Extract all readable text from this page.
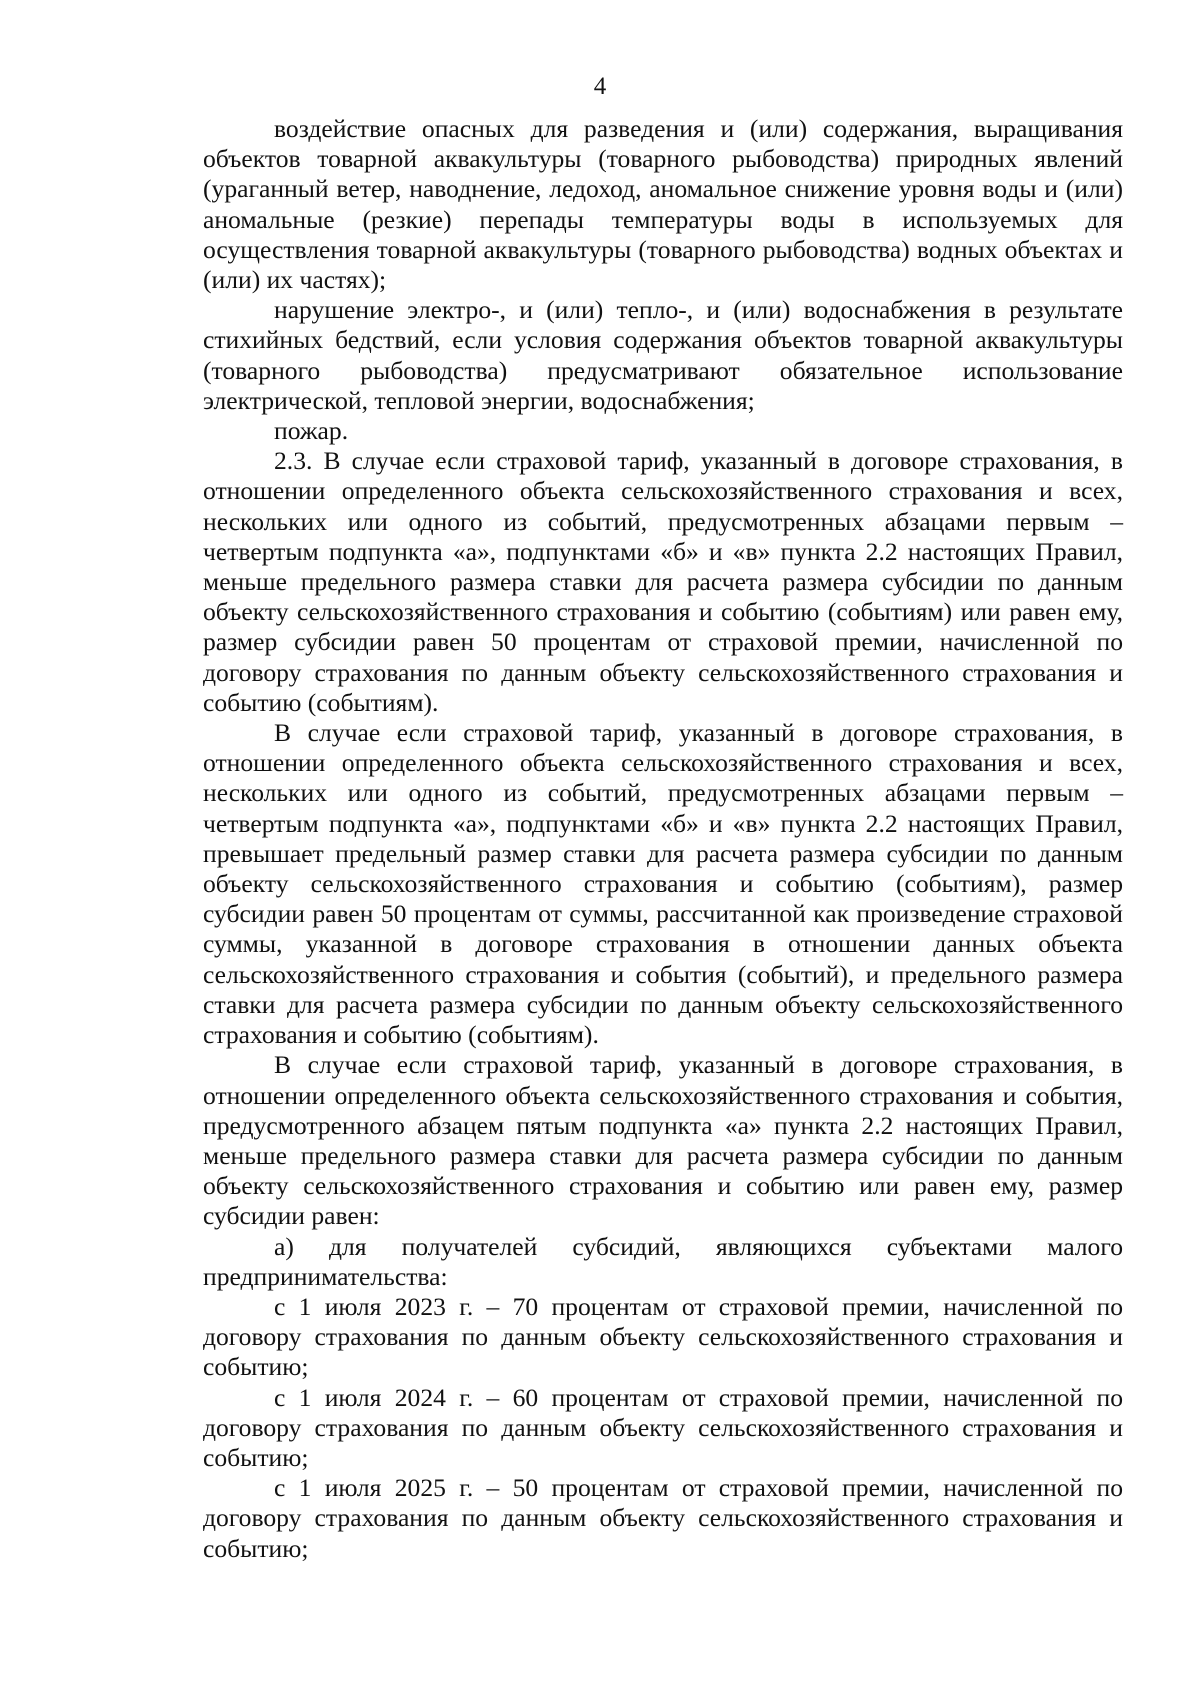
4

воздействие опасных для разведения и (или) содержания, выращивания объектов товарной аквакультуры (товарного рыбоводства) природных явлений (ураганный ветер, наводнение, ледоход, аномальное снижение уровня воды и (или) аномальные (резкие) перепады температуры воды в используемых для осуществления товарной аквакультуры (товарного рыбоводства) водных объектах и (или) их частях);

нарушение электро-, и (или) тепло-, и (или) водоснабжения в результате стихийных бедствий, если условия содержания объектов товарной аквакультуры (товарного рыбоводства) предусматривают обязательное использование электрической, тепловой энергии, водоснабжения;

пожар.

2.3. В случае если страховой тариф, указанный в договоре страхования, в отношении определенного объекта сельскохозяйственного страхования и всех, нескольких или одного из событий, предусмотренных абзацами первым – четвертым подпункта «а», подпунктами «б» и «в» пункта 2.2 настоящих Правил, меньше предельного размера ставки для расчета размера субсидии по данным объекту сельскохозяйственного страхования и событию (событиям) или равен ему, размер субсидии равен 50 процентам от страховой премии, начисленной по договору страхования по данным объекту сельскохозяйственного страхования и событию (событиям).

В случае если страховой тариф, указанный в договоре страхования, в отношении определенного объекта сельскохозяйственного страхования и всех, нескольких или одного из событий, предусмотренных абзацами первым – четвертым подпункта «а», подпунктами «б» и «в» пункта 2.2 настоящих Правил, превышает предельный размер ставки для расчета размера субсидии по данным объекту сельскохозяйственного страхования и событию (событиям), размер субсидии равен 50 процентам от суммы, рассчитанной как произведение страховой суммы, указанной в договоре страхования в отношении данных объекта сельскохозяйственного страхования и события (событий), и предельного размера ставки для расчета размера субсидии по данным объекту сельскохозяйственного страхования и событию (событиям).

В случае если страховой тариф, указанный в договоре страхования, в отношении определенного объекта сельскохозяйственного страхования и события, предусмотренного абзацем пятым подпункта «а» пункта 2.2 настоящих Правил, меньше предельного размера ставки для расчета размера субсидии по данным объекту сельскохозяйственного страхования и событию или равен ему, размер субсидии равен:

а) для получателей субсидий, являющихся субъектами малого предпринимательства:

с 1 июля 2023 г. – 70 процентам от страховой премии, начисленной по договору страхования по данным объекту сельскохозяйственного страхования и событию;

с 1 июля 2024 г. – 60 процентам от страховой премии, начисленной по договору страхования по данным объекту сельскохозяйственного страхования и событию;

с 1 июля 2025 г. – 50 процентам от страховой премии, начисленной по договору страхования по данным объекту сельскохозяйственного страхования и событию;
